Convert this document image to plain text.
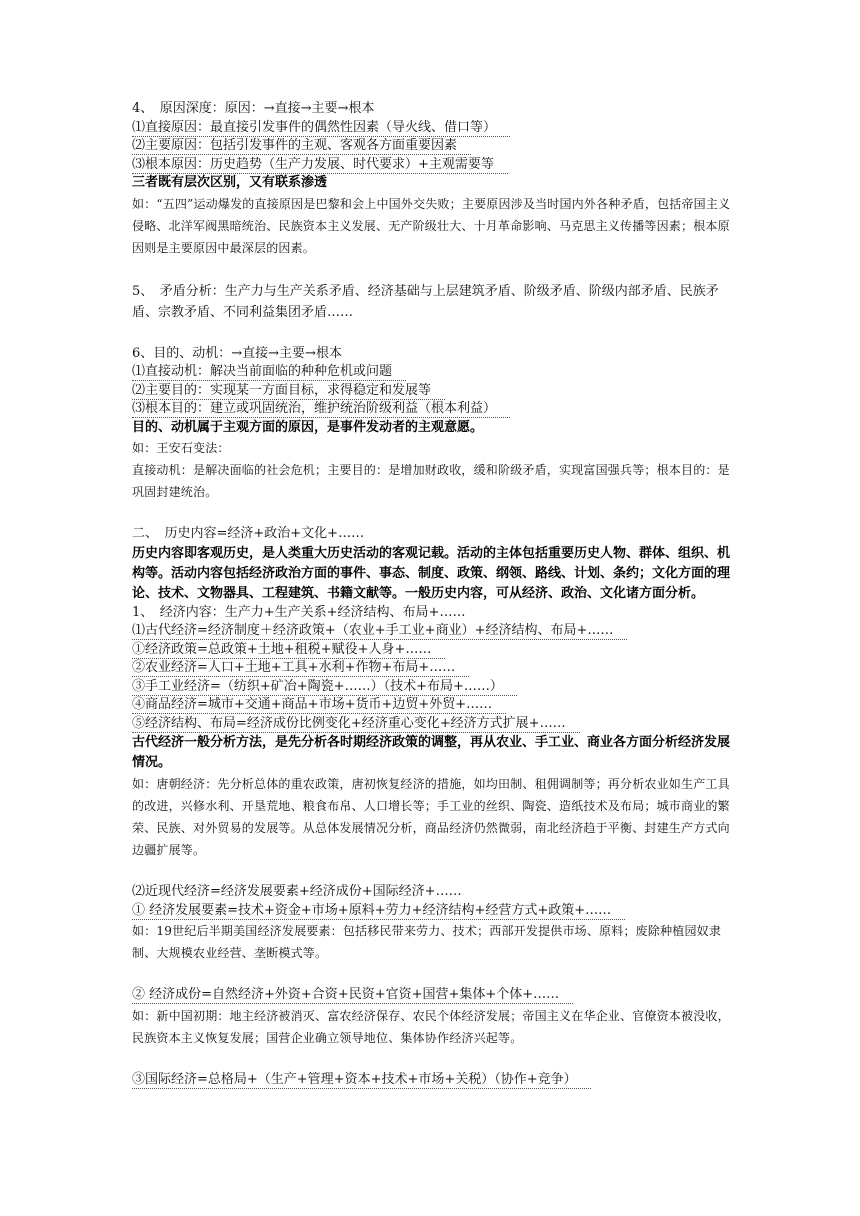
4、　原因深度：原因：→直接→主要→根本

⑴直接原因：最直接引发事件的偶然性因素（导火线、借口等）

⑵主要原因：包括引发事件的主观、客观各方面重要因素

⑶根本原因：历史趋势（生产力发展、时代要求）+主观需要等

三者既有层次区别，又有联系渗透

如：“五四”运动爆发的直接原因是巴黎和会上中国外交失败；主要原因涉及当时国内外各种矛盾，包括帝国主义侵略、北洋军阀黑暗统治、民族资本主义发展、无产阶级壮大、十月革命影响、马克思主义传播等因素；根本原因则是主要原因中最深层的因素。

5、　矛盾分析：生产力与生产关系矛盾、经济基础与上层建筑矛盾、阶级矛盾、阶级内部矛盾、民族矛盾、宗教矛盾、不同利益集团矛盾……

6、目的、动机：→直接→主要→根本

⑴直接动机：解决当前面临的种种危机或问题

⑵主要目的：实现某一方面目标，求得稳定和发展等

⑶根本目的：建立或巩固统治，维护统治阶级利益（根本利益）

目的、动机属于主观方面的原因，是事件发动者的主观意愿。

如：王安石变法：

直接动机：是解决面临的社会危机；主要目的：是增加财政收，缓和阶级矛盾，实现富国强兵等；根本目的：是巩固封建统治。

二、　历史内容=经济+政治+文化+……

历史内容即客观历史，是人类重大历史活动的客观记载。活动的主体包括重要历史人物、群体、组织、机构等。活动内容包括经济政治方面的事件、事态、制度、政策、纲领、路线、计划、条约；文化方面的理论、技术、文物器具、工程建筑、书籍文献等。一般历史内容，可从经济、政治、文化诸方面分析。

1、　经济内容：生产力+生产关系+经济结构、布局+……

⑴古代经济=经济制度＋经济政策+（农业+手工业+商业）+经济结构、布局+……

①经济政策=总政策+土地+租税+赋役+人身+……

②农业经济=人口+土地+工具+水利+作物+布局+……

③手工业经济=（纺织+矿冶+陶瓷+……）（技术+布局+……）

④商品经济=城市+交通+商品+市场+货币+边贸+外贸+……

⑤经济结构、布局=经济成份比例变化+经济重心变化+经济方式扩展+……

古代经济一般分析方法，是先分析各时期经济政策的调整，再从农业、手工业、商业各方面分析经济发展情况。

如：唐朝经济：先分析总体的重农政策，唐初恢复经济的措施，如均田制、租佣调制等；再分析农业如生产工具的改进，兴修水利、开垦荒地、粮食布帛、人口增长等；手工业的丝织、陶瓷、造纸技术及布局；城市商业的繁荣、民族、对外贸易的发展等。从总体发展情况分析，商品经济仍然微弱，南北经济趋于平衡、封建生产方式向边疆扩展等。

⑵近现代经济=经济发展要素+经济成份+国际经济+……

① 经济发展要素=技术+资金+市场+原料+劳力+经济结构+经营方式+政策+……

如：19世纪后半期美国经济发展要素：包括移民带来劳力、技术；西部开发提供市场、原料；废除种植园奴隶制、大规模农业经营、垄断模式等。

② 经济成份=自然经济+外资+合资+民资+官资+国营+集体+个体+……

如：新中国初期：地主经济被消灭、富农经济保存、农民个体经济发展；帝国主义在华企业、官僚资本被没收，民族资本主义恢复发展；国营企业确立领导地位、集体协作经济兴起等。

③国际经济=总格局+（生产+管理+资本+技术+市场+关税）（协作+竞争）
